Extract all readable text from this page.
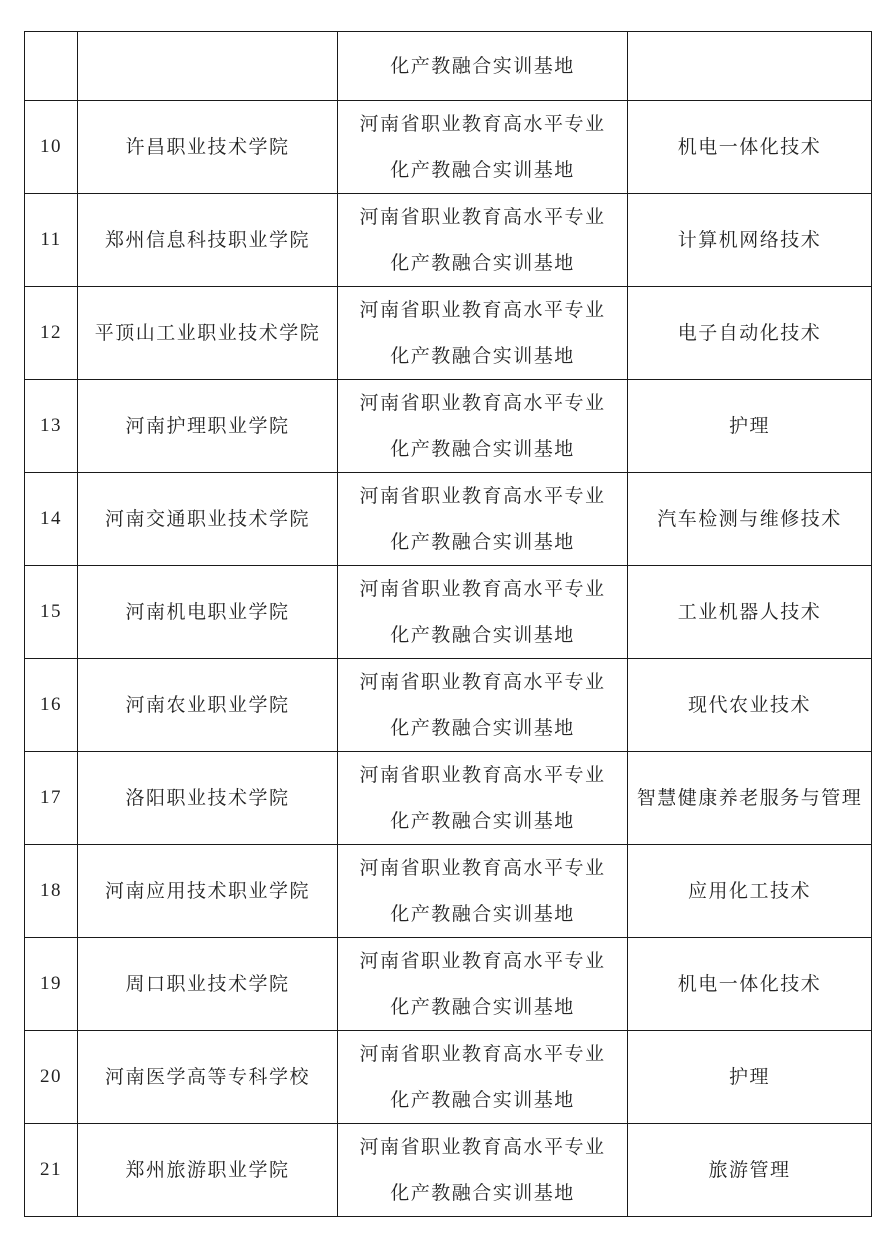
		化产教融合实训基地	

10	许昌职业技术学院	河南省职业教育高水平专业
化产教融合实训基地	机电一体化技术
11	郑州信息科技职业学院	河南省职业教育高水平专业
化产教融合实训基地	计算机网络技术
12	平顶山工业职业技术学院	河南省职业教育高水平专业
化产教融合实训基地	电子自动化技术
13	河南护理职业学院	河南省职业教育高水平专业
化产教融合实训基地	护理
14	河南交通职业技术学院	河南省职业教育高水平专业
化产教融合实训基地	汽车检测与维修技术
15	河南机电职业学院	河南省职业教育高水平专业
化产教融合实训基地	工业机器人技术
16	河南农业职业学院	河南省职业教育高水平专业
化产教融合实训基地	现代农业技术
17	洛阳职业技术学院	河南省职业教育高水平专业
化产教融合实训基地	智慧健康养老服务与管理
18	河南应用技术职业学院	河南省职业教育高水平专业
化产教融合实训基地	应用化工技术
19	周口职业技术学院	河南省职业教育高水平专业
化产教融合实训基地	机电一体化技术
20	河南医学高等专科学校	河南省职业教育高水平专业
化产教融合实训基地	护理
21	郑州旅游职业学院	河南省职业教育高水平专业
化产教融合实训基地	旅游管理
